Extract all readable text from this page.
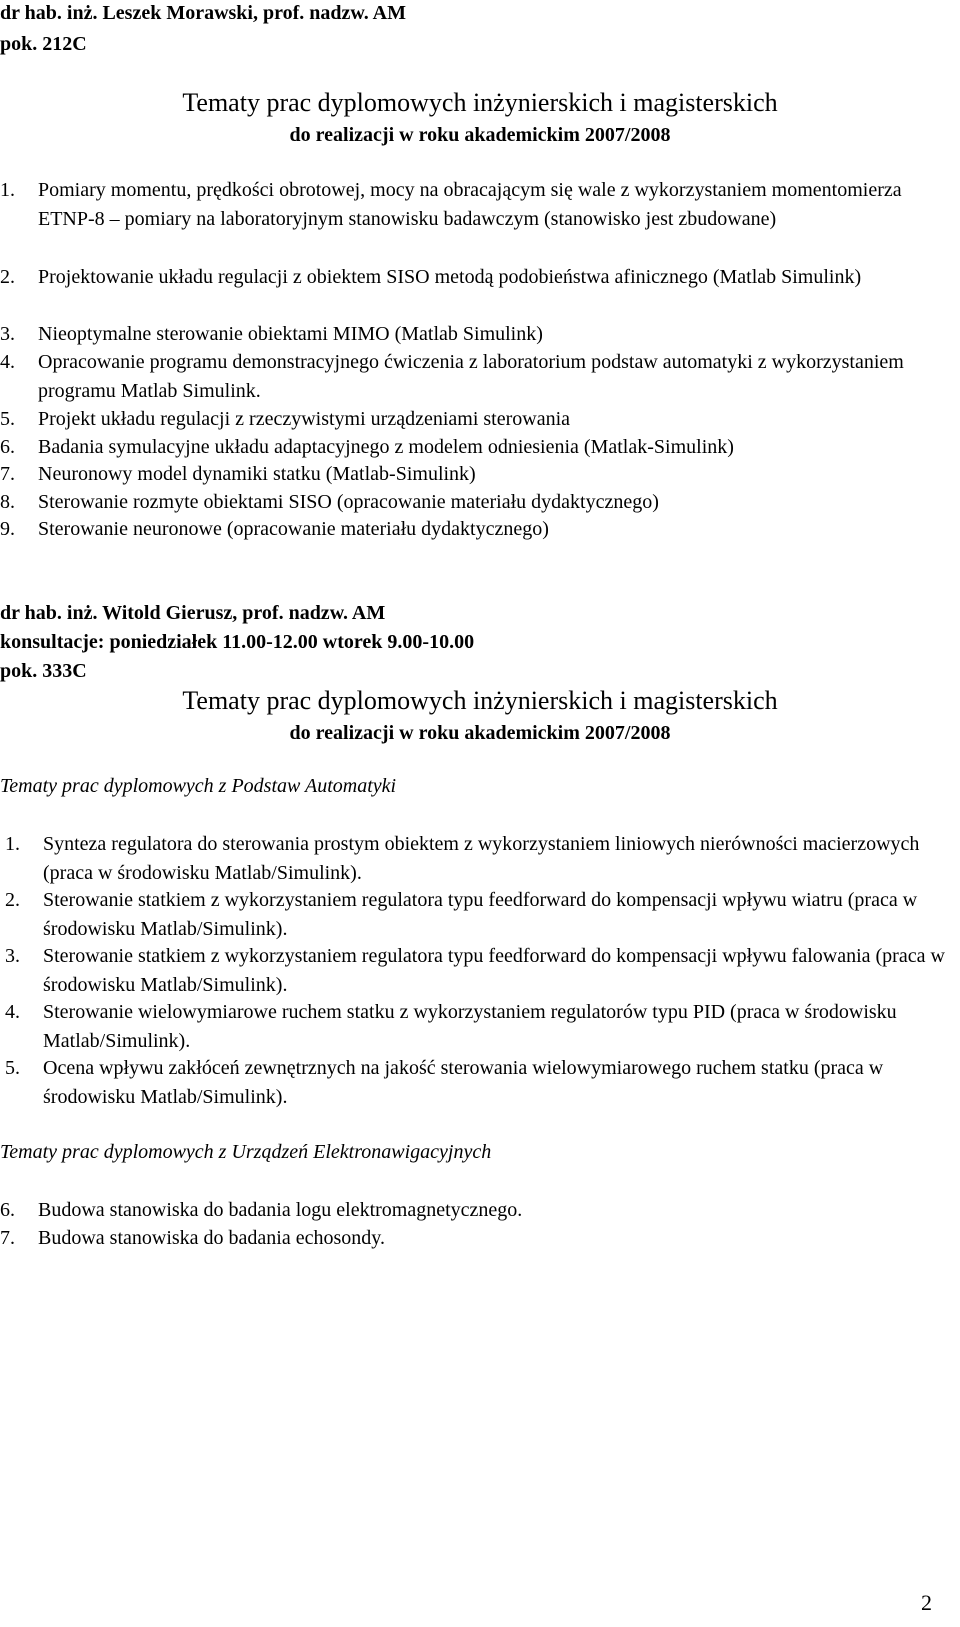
dr hab. inż. Leszek Morawski, prof. nadzw. AM
pok. 212C
Tematy prac dyplomowych inżynierskich i magisterskich
do realizacji w roku akademickim 2007/2008
1. Pomiary momentu, prędkości obrotowej, mocy na obracającym się wale z wykorzystaniem momentomierza ETNP-8 – pomiary na laboratoryjnym stanowisku badawczym (stanowisko jest zbudowane)
2. Projektowanie układu regulacji z obiektem SISO metodą podobieństwa afinicznego (Matlab Simulink)
3. Nieoptymalne sterowanie obiektami MIMO (Matlab Simulink)
4. Opracowanie programu demonstracyjnego ćwiczenia z laboratorium podstaw automatyki z wykorzystaniem programu Matlab Simulink.
5. Projekt układu regulacji z rzeczywistymi urządzeniami sterowania
6. Badania symulacyjne układu adaptacyjnego z modelem odniesienia (Matlak-Simulink)
7. Neuronowy model dynamiki statku (Matlab-Simulink)
8. Sterowanie rozmyte obiektami SISO (opracowanie materiału dydaktycznego)
9. Sterowanie neuronowe (opracowanie materiału dydaktycznego)
dr hab. inż. Witold Gierusz, prof. nadzw. AM
konsultacje: poniedziałek 11.00-12.00 wtorek 9.00-10.00
pok. 333C
Tematy prac dyplomowych inżynierskich i magisterskich
do realizacji w roku akademickim 2007/2008
Tematy prac dyplomowych z Podstaw Automatyki
1. Synteza regulatora do sterowania prostym obiektem z wykorzystaniem liniowych nierówności macierzowych (praca w środowisku Matlab/Simulink).
2. Sterowanie statkiem z wykorzystaniem regulatora typu feedforward do kompensacji wpływu wiatru (praca w środowisku Matlab/Simulink).
3. Sterowanie statkiem z wykorzystaniem regulatora typu feedforward do kompensacji wpływu falowania (praca w środowisku Matlab/Simulink).
4. Sterowanie wielowymiarowe ruchem statku z wykorzystaniem regulatorów typu PID (praca w środowisku Matlab/Simulink).
5. Ocena wpływu zakłóceń zewnętrznych na jakość sterowania wielowymiarowego ruchem statku (praca w środowisku Matlab/Simulink).
Tematy prac dyplomowych z Urządzeń Elektronawigacyjnych
6. Budowa stanowiska do badania logu elektromagnetycznego.
7. Budowa stanowiska do badania echosondy.
2
